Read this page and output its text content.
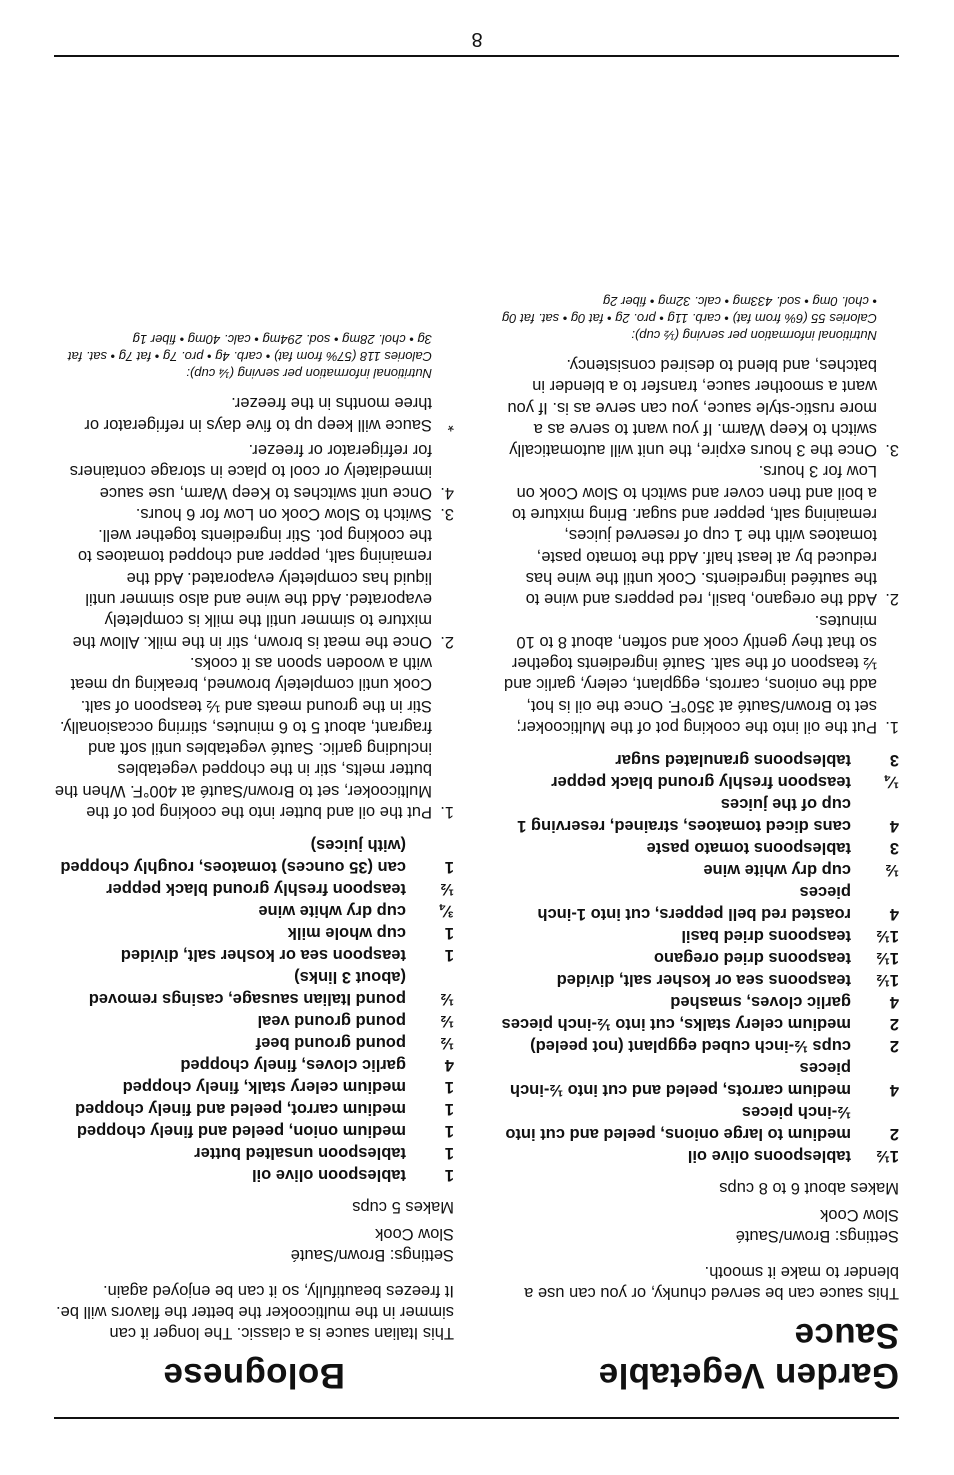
Garden Vegetable Sauce

This sauce can be served chunky, or you can use a blender to make it smooth.

Settings: Brown/Sauté
Slow Cook

Makes about 6 to 8 cups

1½
tablespoons olive oil
2
medium to large onions, peeled and cut into ½-inch pieces
4
medium carrots, peeled and cut into ½-inch pieces
2
cups ½-inch cubed eggplant (not peeled)
2
medium celery stalks, cut into ½-inch pieces
4
garlic cloves, smashed
1½
teaspoons sea or kosher salt, divided
1½
teaspoons dried oregano
1½
teaspoons dried basil
4
roasted red bell peppers, cut into 1-inch pieces
½
cup dry white wine
3
tablespoons tomato paste
4
cans diced tomatoes, strained, reserving 1 cup of the juices
¼
teaspoon freshly ground black pepper
3
tablespoons granulated sugar
1.
Put the oil into the cooking pot of the Multicooker; set to Brown/Sauté at 350°F. Once the oil is hot, add the onions, carrots, eggplant, celery, garlic and ½ teaspoon of the salt. Sauté ingredients together so that they gently cook and soften, about 8 to 10 minutes.
2.
Add the oregano, basil, red peppers and wine to the sautéed ingredients. Cook until the wine has reduced by at least half. Add the tomato paste, tomatoes with the 1 cup of reserved juices, remaining salt, pepper and sugar. Bring mixture to a boil and then cover and switch to Slow Cook on Low for 3 hours.
3.
Once the 3 hours expire, the unit will automatically switch to Keep Warm. If you want to serve as a more rustic-style sauce, you can serve as is. If you want a smoother sauce, transfer to a blender in batches, and blend to desired consistency.
Nutritional information per serving (½ cup):
Calories 55 (6% from fat) • carb. 11g • pro. 2g • fat 0g • sat. fat 0g • chol. 0mg • sod. 433mg • calc. 32mg • fiber 2g
Bolognese

This Italian sauce is a classic. The longer it can simmer in the multicooker the better the flavors will be. It freezes beautifully, so it can be enjoyed again.

Settings: Brown/Sauté
Slow Cook

Makes 5 cups

1
tablespoon olive oil
1
tablespoon unsalted butter
1
medium onion, peeled and finely chopped
1
medium carrot, peeled and finely chopped
1
medium celery stalk, finely chopped
4
garlic cloves, finely chopped
½
pound ground beef
½
pound ground veal
½
pound Italian sausage, casings removed (about 3 links)
1
teaspoon sea or kosher salt, divided
1
cup whole milk
¾
cup dry white wine
½
teaspoon freshly ground black pepper
1
can (35 ounces) tomatoes, roughly chopped (with juices)
1.
Put the oil and butter into the cooking pot of the Multicooker, set to Brown/Sauté at 400°F. When the butter melts, stir in the chopped vegetables including garlic. Sauté vegetables until soft and fragrant, about 5 to 6 minutes, stirring occasionally. Stir in the ground meats and ½ teaspoon of salt. Cook until completely browned, breaking up meat with a wooden spoon as it cooks.
2.
Once the meat is brown, stir in the milk. Allow the mixture to simmer until the milk is completely evaporated. Add the wine and also simmer until liquid has completely evaporated. Add the remaining salt, pepper and chopped tomatoes to the cooking pot. Stir ingredients together well.
3.
Switch to Slow Cook on Low for 6 hours.
4.
Once unit switches to Keep Warm, use sauce immediately or cool to place in storage containers for refrigerator or freezer.
*
Sauce will keep up to five days in refrigerator or three months in the freezer.
Nutritional information per serving (¼ cup):
Calories 118 (57% from fat) • carb. 4g • pro. 7g • fat 7g • sat. fat 3g • chol. 28mg • sod. 294mg • calc. 40mg • fiber 1g
8
